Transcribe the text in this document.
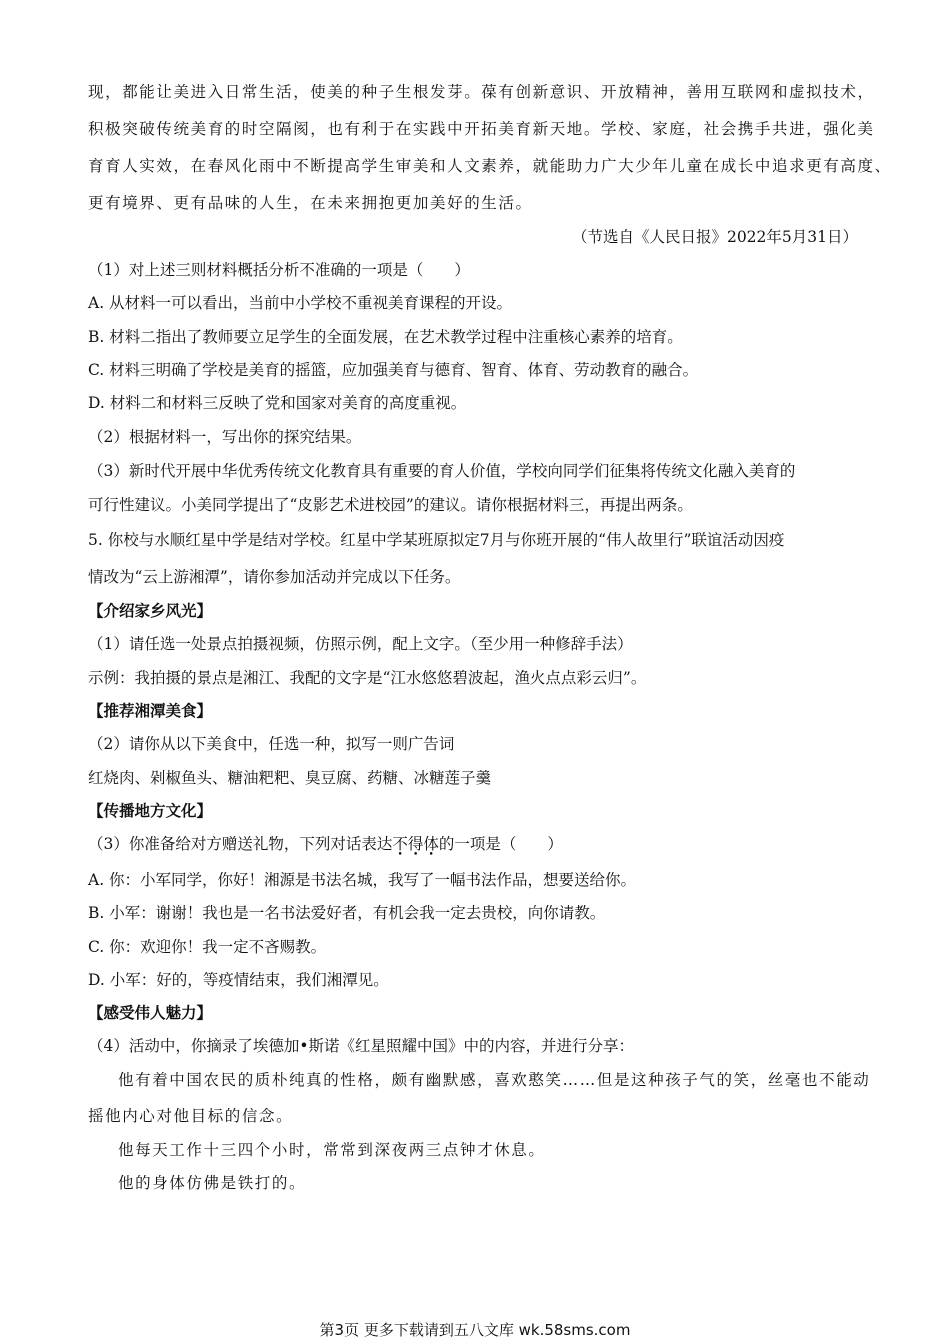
现，都能让美进入日常生活，使美的种子生根发芽。葆有创新意识、开放精神，善用互联网和虚拟技术，
积极突破传统美育的时空隔阂，也有利于在实践中开拓美育新天地。学校、家庭，社会携手共进，强化美
育育人实效，在春风化雨中不断提高学生审美和人文素养，就能助力广大少年儿童在成长中追求更有高度、
更有境界、更有品味的人生，在未来拥抱更加美好的生活。
（节选自《人民日报》2022年5月31日）
（1）对上述三则材料概括分析不准确的一项是（　　）
A. 从材料一可以看出，当前中小学校不重视美育课程的开设。
B. 材料二指出了教师要立足学生的全面发展，在艺术教学过程中注重核心素养的培育。
C. 材料三明确了学校是美育的摇篮，应加强美育与德育、智育、体育、劳动教育的融合。
D. 材料二和材料三反映了党和国家对美育的高度重视。
（2）根据材料一，写出你的探究结果。
（3）新时代开展中华优秀传统文化教育具有重要的育人价值，学校向同学们征集将传统文化融入美育的
可行性建议。小美同学提出了“皮影艺术进校园”的建议。请你根据材料三，再提出两条。
5. 你校与水顺红星中学是结对学校。红星中学某班原拟定7月与你班开展的“伟人故里行”联谊活动因疫
情改为“云上游湘潭”，请你参加活动并完成以下任务。
【介绍家乡风光】
（1）请任选一处景点拍摄视频，仿照示例，配上文字。（至少用一种修辞手法）
示例：我拍摄的景点是湘江、我配的文字是“江水悠悠碧波起，渔火点点彩云归”。
【推荐湘潭美食】
（2）请你从以下美食中，任选一种，拟写一则广告词
红烧肉、剁椒鱼头、糖油粑粑、臭豆腐、药糖、冰糖莲子羹
【传播地方文化】
（3）你准备给对方赠送礼物，下列对话表达不得体的一项是（　　）
A. 你：小军同学，你好！湘源是书法名城，我写了一幅书法作品，想要送给你。
B. 小军：谢谢！我也是一名书法爱好者，有机会我一定去贵校，向你请教。
C. 你：欢迎你！我一定不吝赐教。
D. 小军：好的，等疫情结束，我们湘潭见。
【感受伟人魅力】
（4）活动中，你摘录了埃德加•斯诺《红星照耀中国》中的内容，并进行分享：
他有着中国农民的质朴纯真的性格，颇有幽默感，喜欢憨笑……但是这种孩子气的笑，丝毫也不能动
摇他内心对他目标的信念。
他每天工作十三四个小时，常常到深夜两三点钟才休息。
他的身体仿佛是铁打的。
第3页 更多下载请到五八文库 wk.58sms.com
